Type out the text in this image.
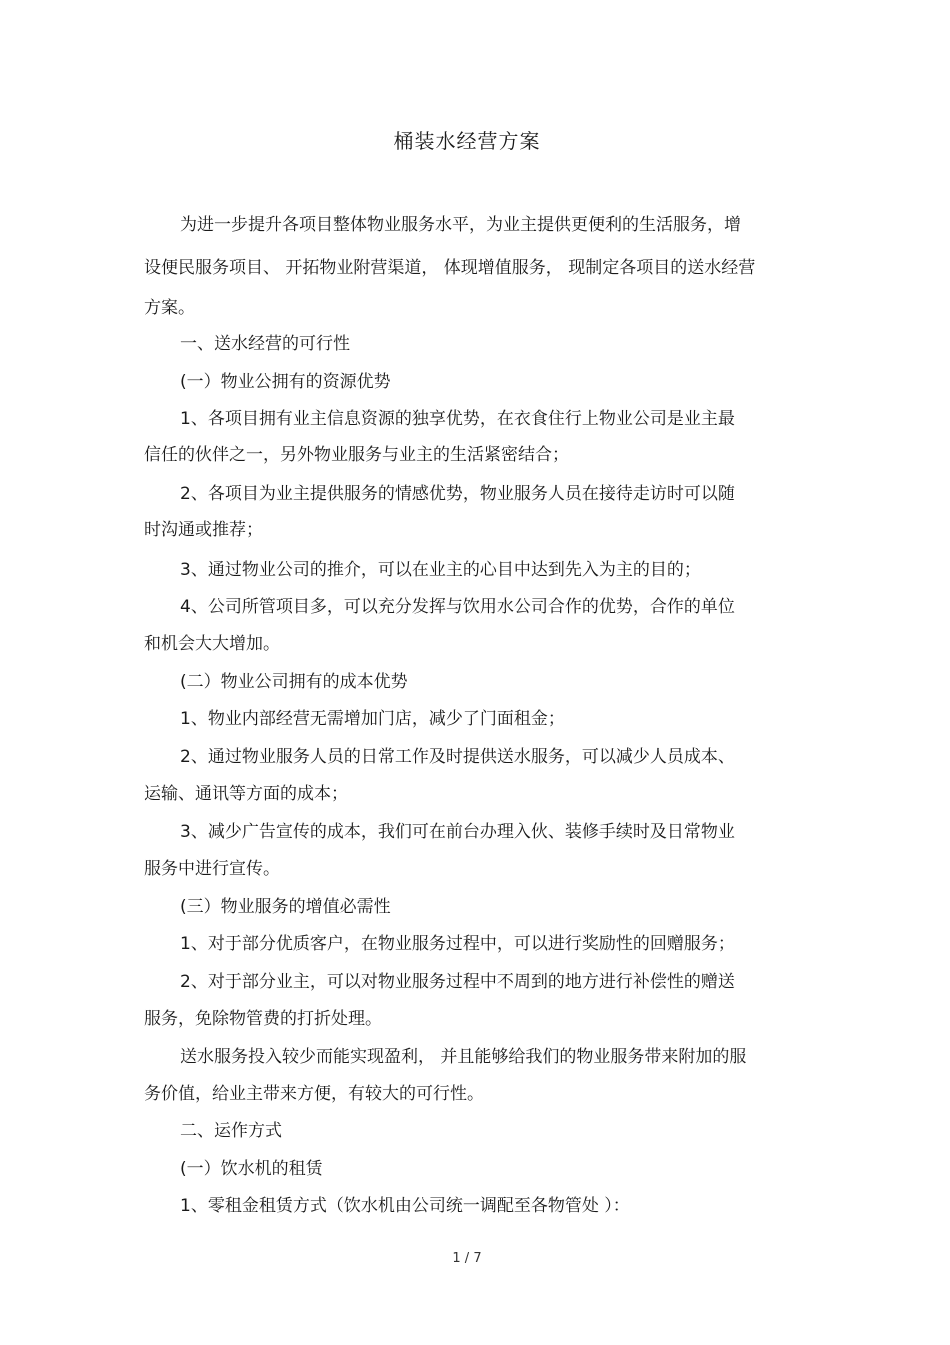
桶装水经营方案
为进一步提升各项目整体物业服务水平，为业主提供更便利的生活服务，增
设便民服务项目、 开拓物业附营渠道， 体现增值服务， 现制定各项目的送水经营
方案。
一、送水经营的可行性
(一）物业公拥有的资源优势
1、各项目拥有业主信息资源的独享优势，在衣食住行上物业公司是业主最
信任的伙伴之一，另外物业服务与业主的生活紧密结合；
2、各项目为业主提供服务的情感优势，物业服务人员在接待走访时可以随
时沟通或推荐；
3、通过物业公司的推介，可以在业主的心目中达到先入为主的目的；
4、公司所管项目多，可以充分发挥与饮用水公司合作的优势，合作的单位
和机会大大增加。
(二）物业公司拥有的成本优势
1、物业内部经营无需增加门店，减少了门面租金；
2、通过物业服务人员的日常工作及时提供送水服务，可以减少人员成本、
运输、通讯等方面的成本；
3、减少广告宣传的成本，我们可在前台办理入伙、装修手续时及日常物业
服务中进行宣传。
(三）物业服务的增值必需性
1、对于部分优质客户，在物业服务过程中，可以进行奖励性的回赠服务；
2、对于部分业主，可以对物业服务过程中不周到的地方进行补偿性的赠送
服务，免除物管费的打折处理。
送水服务投入较少而能实现盈利， 并且能够给我们的物业服务带来附加的服
务价值，给业主带来方便，有较大的可行性。
二、运作方式
(一）饮水机的租赁
1、零租金租赁方式（饮水机由公司统一调配至各物管处 ）：
1 / 7
